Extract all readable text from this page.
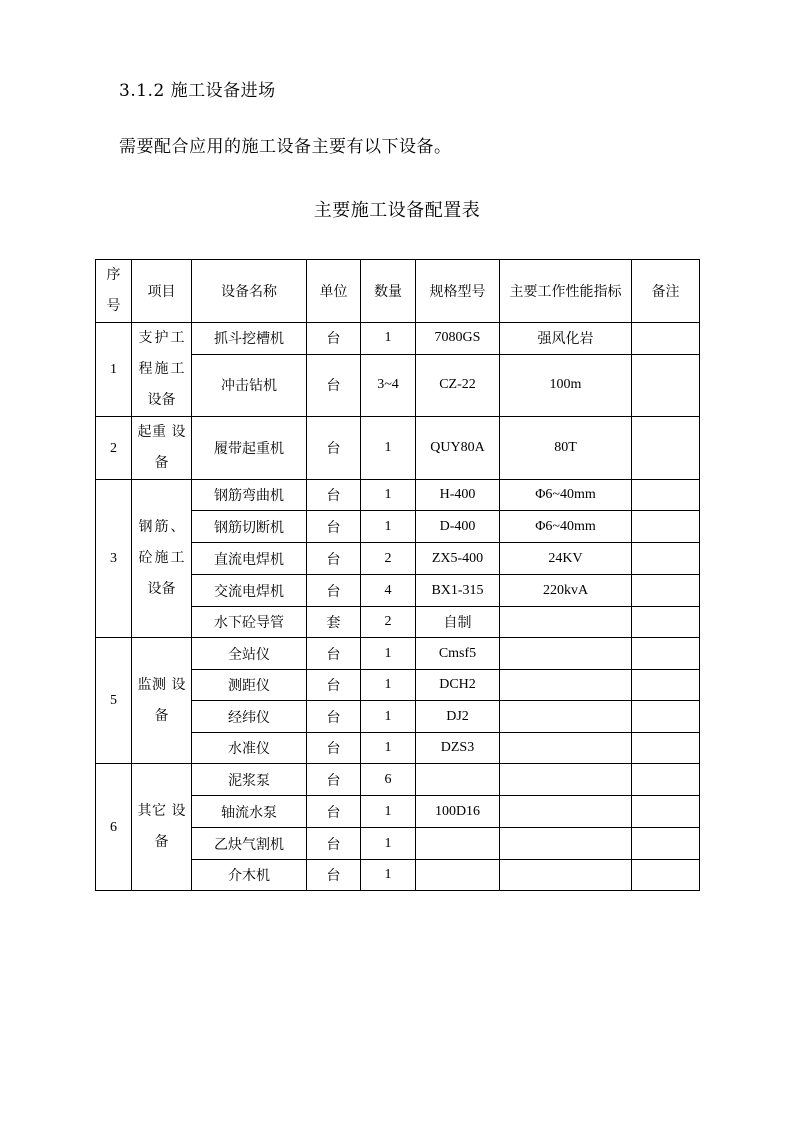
3.1.2 施工设备进场

需要配合应用的施工设备主要有以下设备。

主要施工设备配置表
序号	项目	设备名称	单位	数量	规格型号	主要工作性能指标	备注
1	支护工程施工设备	抓斗挖槽机	台	1	7080GS	强风化岩	
		冲击钻机	台	3~4	CZ-22	100m	
2	起重 设备	履带起重机	台	1	QUY80A	80T	
3	钢筋、砼施工设备	钢筋弯曲机	台	1	H-400	Φ6~40mm	
		钢筋切断机	台	1	D-400	Φ6~40mm	
		直流电焊机	台	2	ZX5-400	24KV	
		交流电焊机	台	4	BX1-315	220kvA	
		水下砼导管	套	2	自制		
5	监测 设备	全站仪	台	1	Cmsf5		
		测距仪	台	1	DCH2		
		经纬仪	台	1	DJ2		
		水准仪	台	1	DZS3		
6	其它 设备	泥浆泵	台	6			
		轴流水泵	台	1	100D16		
		乙炔气割机	台	1			
		介木机	台	1			
